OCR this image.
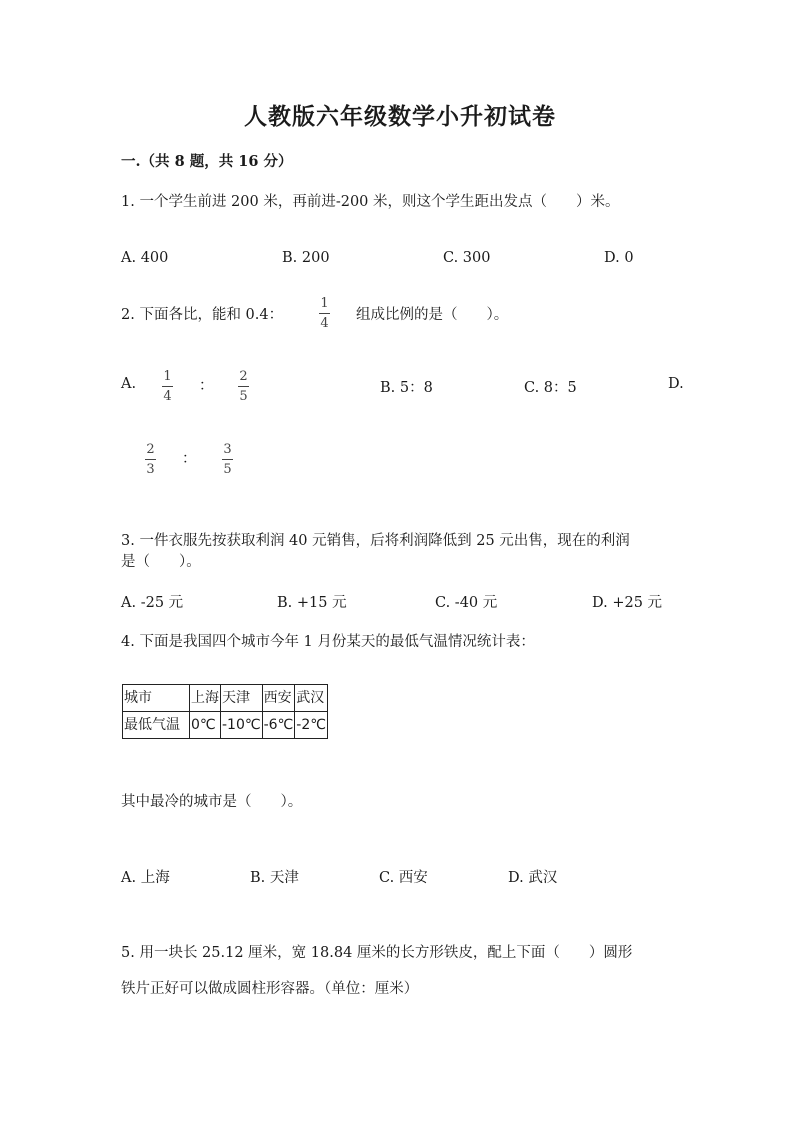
人教版六年级数学小升初试卷
一.（共 8 题，共 16 分）
1. 一个学生前进 200 米，再前进-200 米，则这个学生距出发点（　　）米。
A. 400	B. 200	C. 300	D. 0
2. 下面各比，能和 0.4：
1
4
组成比例的是（　　）。
A. 1
4
：
2
5
B. 5：8	C. 8：5	D.
2
3
：
3
5
3. 一件衣服先按获取利润 40 元销售，后将利润降低到 25 元出售，现在的利润
是（　　）。
A. -25 元	B. +15 元	C. -40 元	D. +25 元
4. 下面是我国四个城市今年 1 月份某天的最低气温情况统计表：
城市	上海	天津	西安	武汉
最低气温	0℃	-10℃	-6℃	-2℃
其中最冷的城市是（　　）。
A. 上海	B. 天津	C. 西安	D. 武汉
5. 用一块长 25.12 厘米，宽 18.84 厘米的长方形铁皮，配上下面（　　）圆形
铁片正好可以做成圆柱形容器。（单位：厘米）
